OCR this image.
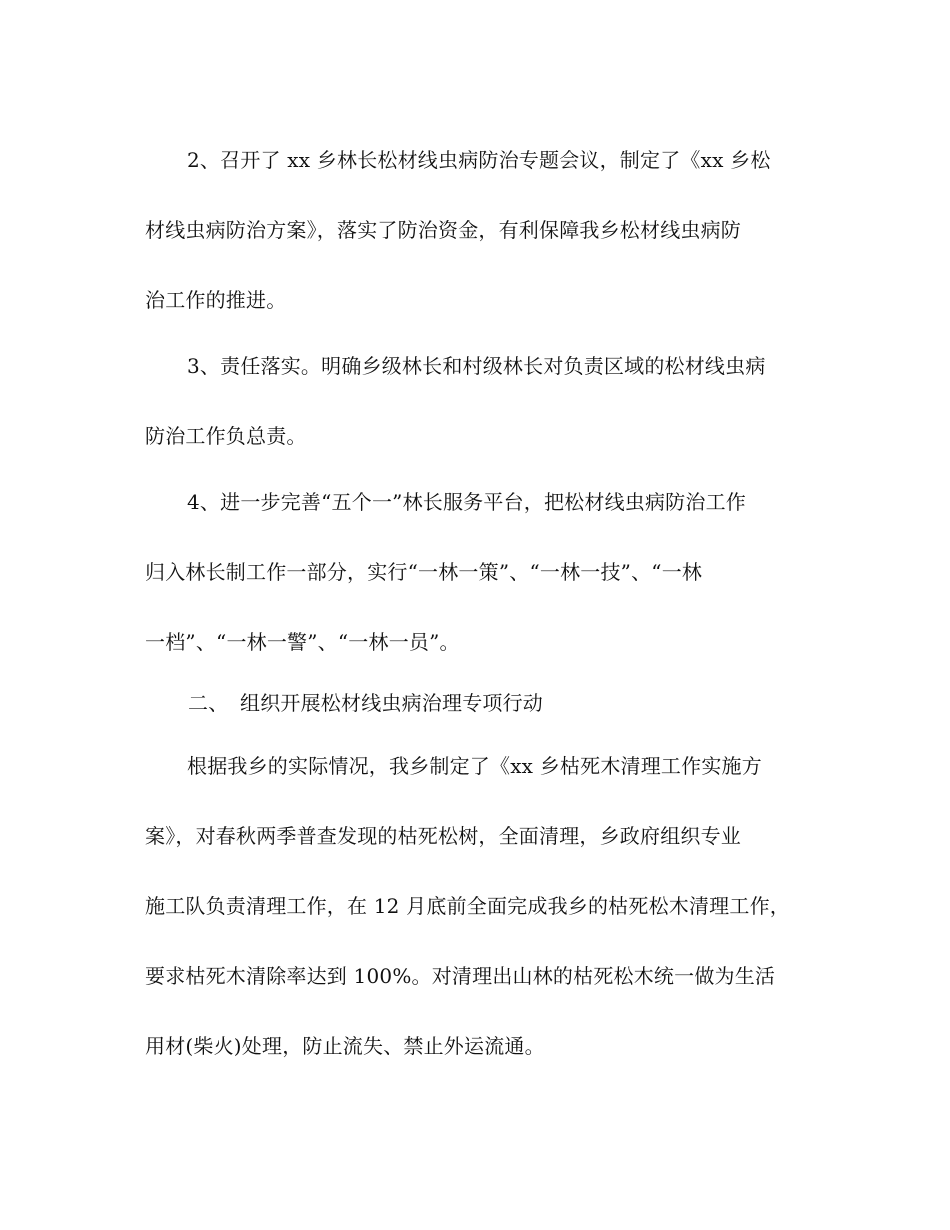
2、召开了 xx 乡林长松材线虫病防治专题会议，制定了《xx 乡松
材线虫病防治方案》，落实了防治资金，有利保障我乡松材线虫病防
治工作的推进。
3、责任落实。明确乡级林长和村级林长对负责区域的松材线虫病
防治工作负总责。
4、进一步完善“五个一”林长服务平台，把松材线虫病防治工作
归入林长制工作一部分，实行“一林一策”、“一林一技”、“一林
一档”、“一林一警”、“一林一员”。
二、 组织开展松材线虫病治理专项行动
根据我乡的实际情况，我乡制定了《xx 乡枯死木清理工作实施方
案》，对春秋两季普查发现的枯死松树，全面清理，乡政府组织专业
施工队负责清理工作，在 12 月底前全面完成我乡的枯死松木清理工作，
要求枯死木清除率达到 100%。对清理出山林的枯死松木统一做为生活
用材(柴火)处理，防止流失、禁止外运流通。
